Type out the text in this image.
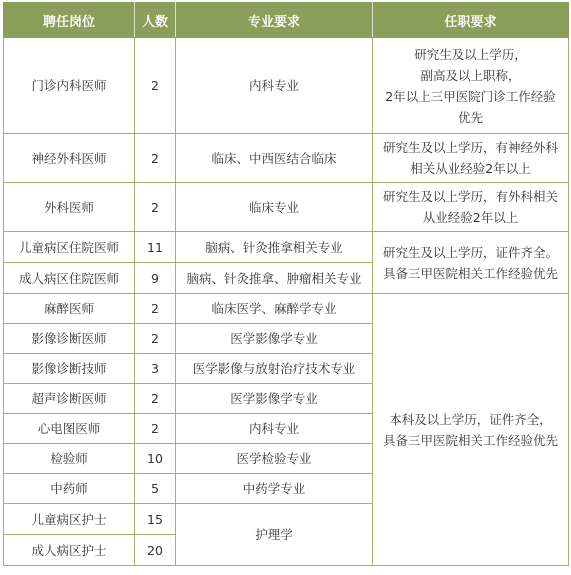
聘任岗位	人数	专业要求	任职要求
门诊内科医师	2	内科专业	研究生及以上学历，
副高及以上职称，
2年以上三甲医院门诊工作经验
优先
神经外科医师	2	临床、中西医结合临床	研究生及以上学历，有神经外科
相关从业经验2年以上
外科医师	2	临床专业	研究生及以上学历，有外科相关
从业经验2年以上
儿童病区住院医师	11	脑病、针灸推拿相关专业	研究生及以上学历，证件齐全。
具备三甲医院相关工作经验优先
成人病区住院医师	9	脑病、针灸推拿、肿瘤相关专业	
麻醉医师	2	临床医学、麻醉学专业	本科及以上学历，证件齐全，
具备三甲医院相关工作经验优先
影像诊断医师	2	医学影像学专业	
影像诊断技师	3	医学影像与放射治疗技术专业	
超声诊断医师	2	医学影像学专业	
心电图医师	2	内科专业	
检验师	10	医学检验专业	
中药师	5	中药学专业	
儿童病区护士	15	护理学	
成人病区护士	20		
